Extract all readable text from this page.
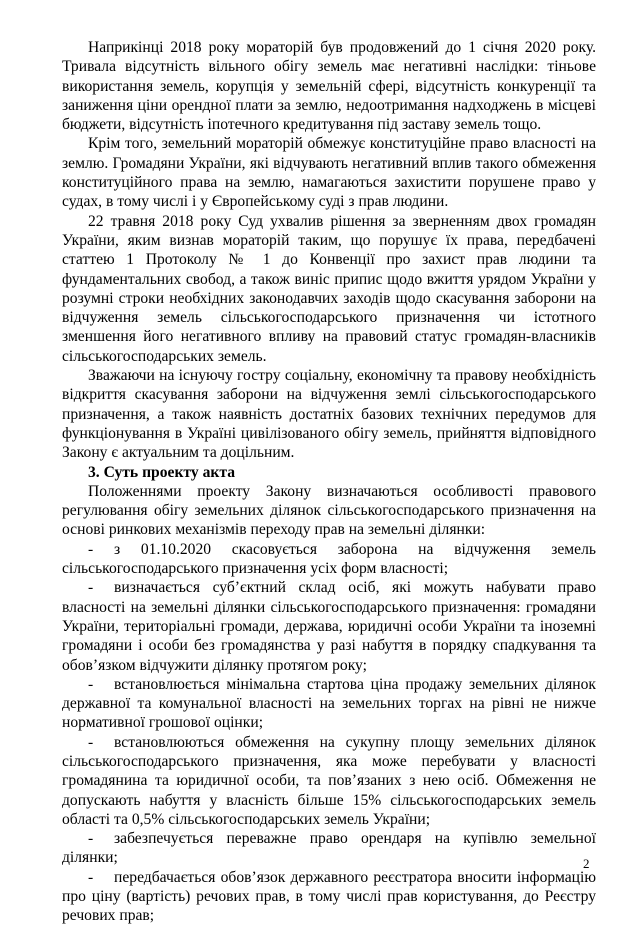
Наприкінці 2018 року мораторій був продовжений до 1 січня 2020 року. Тривала відсутність вільного обігу земель має негативні наслідки: тіньове використання земель, корупція у земельній сфері, відсутність конкуренції та заниження ціни орендної плати за землю, недоотримання надходжень в місцеві бюджети, відсутність іпотечного кредитування під заставу земель тощо.

Крім того, земельний мораторій обмежує конституційне право власності на землю. Громадяни України, які відчувають негативний вплив такого обмеження конституційного права на землю, намагаються захистити порушене право у судах, в тому числі і у Європейському суді з прав людини.

22 травня 2018 року Суд ухвалив рішення за зверненням двох громадян України, яким визнав мораторій таким, що порушує їх права, передбачені статтею 1 Протоколу № 1 до Конвенції про захист прав людини та фундаментальних свобод, а також виніс припис щодо вжиття урядом України у розумні строки необхідних законодавчих заходів щодо скасування заборони на відчуження земель сільськогосподарського призначення чи істотного зменшення його негативного впливу на правовий статус громадян-власників сільськогосподарських земель.

Зважаючи на існуючу гостру соціальну, економічну та правову необхідність відкриття скасування заборони на відчуження землі сільськогосподарського призначення, а також наявність достатніх базових технічних передумов для функціонування в Україні цивілізованого обігу земель, прийняття відповідного Закону є актуальним та доцільним.

3. Суть проекту акта

Положеннями проекту Закону визначаються особливості правового регулювання обігу земельних ділянок сільськогосподарського призначення на основі ринкових механізмів переходу прав на земельні ділянки:

- з 01.10.2020 скасовується заборона на відчуження земель сільськогосподарського призначення усіх форм власності;
- визначається суб’єктний склад осіб, які можуть набувати право власності на земельні ділянки сільськогосподарського призначення: громадяни України, територіальні громади, держава, юридичні особи України та іноземні громадяни і особи без громадянства у разі набуття в порядку спадкування та обов’язком відчужити ділянку протягом року;
- встановлюється мінімальна стартова ціна продажу земельних ділянок державної та комунальної власності на земельних торгах на рівні не нижче нормативної грошової оцінки;
- встановлюються обмеження на сукупну площу земельних ділянок сільськогосподарського призначення, яка може перебувати у власності громадянина та юридичної особи, та пов’язаних з нею осіб. Обмеження не допускають набуття у власність більше 15% сільськогосподарських земель області та 0,5% сільськогосподарських земель України;
- забезпечується переважне право орендаря на купівлю земельної ділянки;
- передбачається обов’язок державного реєстратора вносити інформацію про ціну (вартість) речових прав, в тому числі прав користування, до Реєстру речових прав;
2
